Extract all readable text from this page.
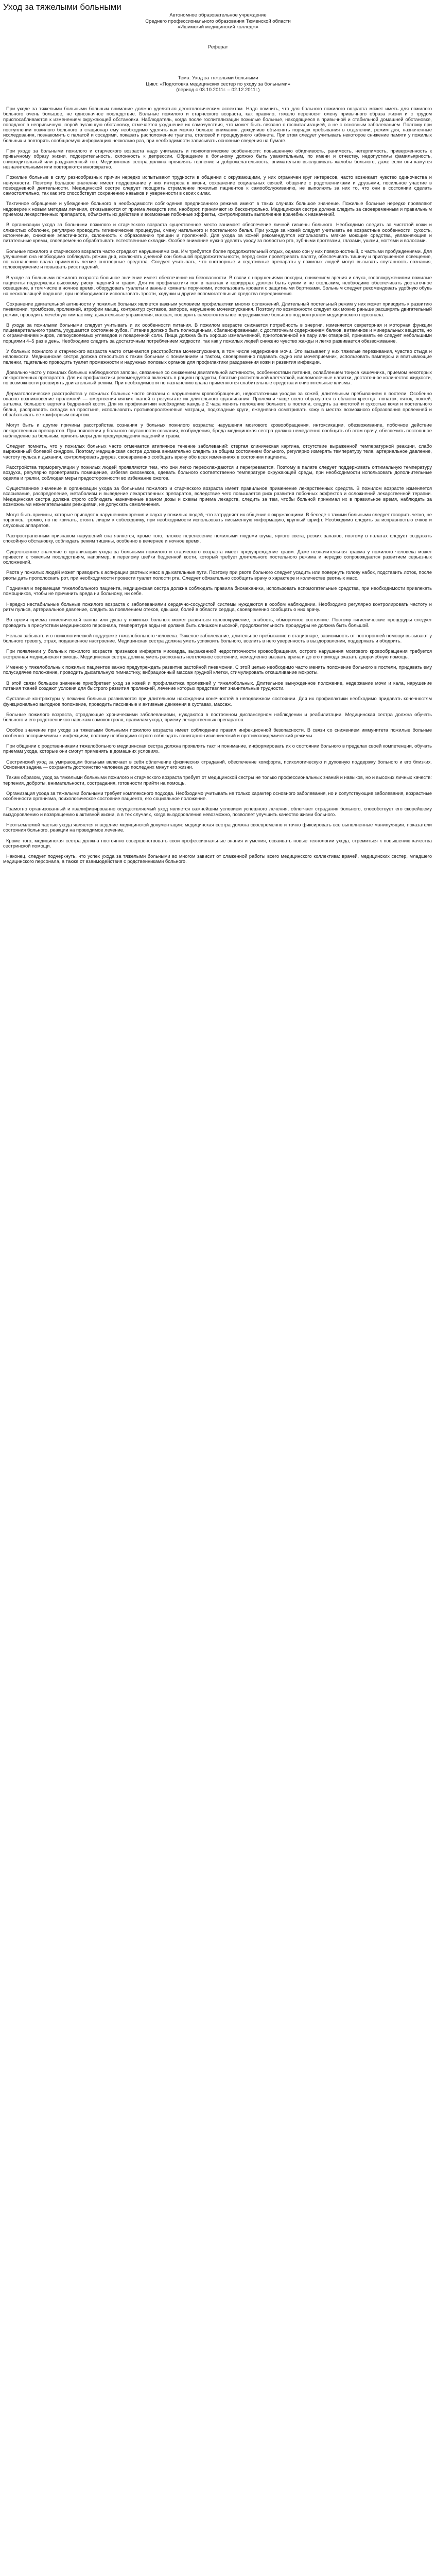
Уход за тяжелыми больными
Автономное образовательное учреждение
Среднего профессионального образования Тюменской области
«Ишимский медицинский колледж»
Реферат
Тема: Уход за тяжелыми больными
Цикл: «Подготовка медицинских сестер по уходу за больными»
(период с 03.10.2011г. – 02.12.2011г.)

При уходе за тяжелыми больными больным внимание должно уделяться деонтологическим аспектам. Надо помнить, что для больного пожилого возраста может иметь для пожилого больного очень большое, не однозначное последствие. Больные пожилого и старческого возраста, как правило, тяжело переносят смену привычного образа жизни и с трудом приспосабливаются к изменениям окружающей обстановки. Наблюдатель, когда после госпитализации пожилые больные, находящиеся в привычной и стабильной домашней обстановке, попадают в непривычную, порой пугающую обстановку, отмечается ухудшение их самочувствия, что может быть связано с госпитализацией, а не с основным заболеванием. Поэтому при поступлении пожилого больного в стационар ему необходимо уделять как можно больше внимания, доходчиво объяснять порядок пребывания в отделении, режим дня, назначенные исследования, познакомить с палатой и соседями, показать расположение туалета, столовой и процедурного кабинета. При этом следует учитывать некоторое снижение памяти у пожилых больных и повторять сообщаемую информацию несколько раз, при необходимости записывать основные сведения на бумаге.

При уходе за больными пожилого и старческого возраста надо учитывать и психологические особенности: повышенную обидчивость, ранимость, нетерпимость, приверженность к привычному образу жизни, подозрительность, склонность к депрессии. Обращение к больному должно быть уважительным, по имени и отчеству, недопустимы фамильярность, снисходительный или раздраженный тон. Медицинская сестра должна проявлять терпение и доброжелательность, внимательно выслушивать жалобы больного, даже если они кажутся незначительными или повторяются многократно.

Пожилые больные в силу разнообразных причин нередко испытывают трудности в общении с окружающими, у них ограничен круг интересов, часто возникает чувство одиночества и ненужности. Поэтому большое значение имеет поддержание у них интереса к жизни, сохранение социальных связей, общение с родственниками и друзьями, посильное участие в повседневной деятельности. Медицинской сестре следует поощрять стремление пожилых пациентов к самообслуживанию, не выполнять за них то, что они в состоянии сделать самостоятельно, так как это способствует сохранению навыков и уверенности в своих силах.

Тактичное обращение и убеждение больного в необходимости соблюдения предписанного режима имеют в таких случаях большое значение. Пожилые больные нередко проявляют недоверие к новым методам лечения, отказываются от приема лекарств или, наоборот, принимают их бесконтрольно. Медицинская сестра должна следить за своевременным и правильным приемом лекарственных препаратов, объяснять их действие и возможные побочные эффекты, контролировать выполнение врачебных назначений.

В организации ухода за больными пожилого и старческого возраста существенное место занимает обеспечение личной гигиены больного. Необходимо следить за чистотой кожи и слизистых оболочек, регулярно проводить гигиенические процедуры, смену нательного и постельного белья. При уходе за кожей следует учитывать ее возрастные особенности: сухость, истончение, снижение эластичности, склонность к образованию трещин и пролежней. Для ухода за кожей рекомендуется использовать мягкие моющие средства, увлажняющие и питательные кремы, своевременно обрабатывать естественные складки. Особое внимание нужно уделять уходу за полостью рта, зубными протезами, глазами, ушами, ногтями и волосами.

Больные пожилого и старческого возраста часто страдают нарушениями сна. Им требуется более продолжительный отдых, однако сон у них поверхностный, с частыми пробуждениями. Для улучшения сна необходимо соблюдать режим дня, исключать дневной сон большой продолжительности, перед сном проветривать палату, обеспечивать тишину и приглушенное освещение, по назначению врача применять легкие снотворные средства. Следует учитывать, что снотворные и седативные препараты у пожилых людей могут вызывать спутанность сознания, головокружение и повышать риск падений.

В уходе за больными пожилого возраста большое значение имеет обеспечение их безопасности. В связи с нарушениями походки, снижением зрения и слуха, головокружениями пожилые пациенты подвержены высокому риску падений и травм. Для их профилактики пол в палатах и коридорах должен быть сухим и не скользким, необходимо обеспечивать достаточное освещение, в том числе в ночное время, оборудовать туалеты и ванные комнаты поручнями, использовать кровати с защитными бортиками. Больным следует рекомендовать удобную обувь на нескользящей подошве, при необходимости использовать трости, ходунки и другие вспомогательные средства передвижения.

Сохранение двигательной активности у пожилых больных является важным условием профилактики многих осложнений. Длительный постельный режим у них может приводить к развитию пневмонии, тромбозов, пролежней, атрофии мышц, контрактур суставов, запоров, нарушению мочеиспускания. Поэтому по возможности следует как можно раньше расширять двигательный режим, проводить лечебную гимнастику, дыхательные упражнения, массаж, поощрять самостоятельное передвижение больного под контролем медицинского персонала.

В уходе за пожилыми больными следует учитывать и их особенности питания. В пожилом возрасте снижается потребность в энергии, изменяется секреторная и моторная функции пищеварительного тракта, ухудшается состояние зубов. Питание должно быть полноценным, сбалансированным, с достаточным содержанием белков, витаминов и минеральных веществ, но с ограничением жиров, легкоусвояемых углеводов и поваренной соли. Пища должна быть хорошо измельченной, приготовленной на пару или отварной, принимать ее следует небольшими порциями 4–5 раз в день. Необходимо следить за достаточным потреблением жидкости, так как у пожилых людей снижено чувство жажды и легко развивается обезвоживание.

У больных пожилого и старческого возраста часто отмечаются расстройства мочеиспускания, в том числе недержание мочи. Это вызывает у них тяжелые переживания, чувство стыда и неловкости. Медицинская сестра должна относиться к таким больным с пониманием и тактом, своевременно подавать судно или мочеприемник, использовать памперсы и впитывающие пеленки, тщательно проводить туалет промежности и наружных половых органов для профилактики раздражения кожи и развития инфекции.

Довольно часто у пожилых больных наблюдаются запоры, связанные со снижением двигательной активности, особенностями питания, ослаблением тонуса кишечника, приемом некоторых лекарственных препаратов. Для их профилактики рекомендуется включать в рацион продукты, богатые растительной клетчаткой, кисломолочные напитки, достаточное количество жидкости, по возможности расширять двигательный режим. При необходимости по назначению врача применяются слабительные средства и очистительные клизмы.

Дерматологические расстройства у пожилых больных часто связаны с нарушением кровообращения, недостаточным уходом за кожей, длительным пребыванием в постели. Особенно опасно возникновение пролежней — омертвения мягких тканей в результате их длительного сдавливания. Пролежни чаще всего образуются в области крестца, лопаток, пяток, локтей, затылка, большого вертела бедренной кости. Для их профилактики необходимо каждые 2 часа менять положение больного в постели, следить за чистотой и сухостью кожи и постельного белья, расправлять складки на простыне, использовать противопролежневые матрацы, подкладные круги, ежедневно осматривать кожу в местах возможного образования пролежней и обрабатывать ее камфорным спиртом.

Могут быть и другие причины расстройства сознания у больных пожилого возраста: нарушения мозгового кровообращения, интоксикации, обезвоживание, побочное действие лекарственных препаратов. При появлении у больного спутанности сознания, возбуждения, бреда медицинская сестра должна немедленно сообщить об этом врачу, обеспечить постоянное наблюдение за больным, принять меры для предупреждения падений и травм.

Следует помнить, что у пожилых больных часто отмечается атипичное течение заболеваний: стертая клиническая картина, отсутствие выраженной температурной реакции, слабо выраженный болевой синдром. Поэтому медицинская сестра должна внимательно следить за общим состоянием больного, регулярно измерять температуру тела, артериальное давление, частоту пульса и дыхания, контролировать диурез, своевременно сообщать врачу обо всех изменениях в состоянии пациента.

Расстройства терморегуляции у пожилых людей проявляются тем, что они легко переохлаждаются и перегреваются. Поэтому в палате следует поддерживать оптимальную температуру воздуха, регулярно проветривать помещение, избегая сквозняков, одевать больного соответственно температуре окружающей среды, при необходимости использовать дополнительные одеяла и грелки, соблюдая меры предосторожности во избежание ожогов.

Существенное значение в организации ухода за больными пожилого и старческого возраста имеет правильное применение лекарственных средств. В пожилом возрасте изменяется всасывание, распределение, метаболизм и выведение лекарственных препаратов, вследствие чего повышается риск развития побочных эффектов и осложнений лекарственной терапии. Медицинская сестра должна строго соблюдать назначенные врачом дозы и схемы приема лекарств, следить за тем, чтобы больной принимал их в правильное время, наблюдать за возможными нежелательными реакциями, не допускать самолечения.

Могут быть причины, которые приводят к нарушениям зрения и слуха у пожилых людей, что затрудняет их общение с окружающими. В беседе с такими больными следует говорить четко, не торопясь, громко, но не кричать, стоять лицом к собеседнику, при необходимости использовать письменную информацию, крупный шрифт. Необходимо следить за исправностью очков и слуховых аппаратов.

Распространенным признаком нарушений сна является, кроме того, плохое перенесение пожилыми людьми шума, яркого света, резких запахов, поэтому в палатах следует создавать спокойную обстановку, соблюдать режим тишины, особенно в вечернее и ночное время.

Существенное значение в организации ухода за больными пожилого и старческого возраста имеет предупреждение травм. Даже незначительная травма у пожилого человека может привести к тяжелым последствиям, например, к перелому шейки бедренной кости, который требует длительного постельного режима и нередко сопровождается развитием серьезных осложнений.

Рвота у пожилых людей может приводить к аспирации рвотных масс в дыхательные пути. Поэтому при рвоте больного следует усадить или повернуть голову набок, подставить лоток, после рвоты дать прополоскать рот, при необходимости провести туалет полости рта. Следует обязательно сообщить врачу о характере и количестве рвотных масс.

Поднимая и перемещая тяжелобольного пациента, медицинская сестра должна соблюдать правила биомеханики, использовать вспомогательные средства, при необходимости привлекать помощников, чтобы не причинить вреда ни больному, ни себе.

Нередко нестабильные больные пожилого возраста с заболеваниями сердечно-сосудистой системы нуждаются в особом наблюдении. Необходимо регулярно контролировать частоту и ритм пульса, артериальное давление, следить за появлением отеков, одышки, болей в области сердца, своевременно сообщать о них врачу.

Во время приема гигиенической ванны или душа у пожилых больных может развиться головокружение, слабость, обморочное состояние. Поэтому гигиенические процедуры следует проводить в присутствии медицинского персонала, температура воды не должна быть слишком высокой, продолжительность процедуры не должна быть большой.

Нельзя забывать и о психологической поддержке тяжелобольного человека. Тяжелое заболевание, длительное пребывание в стационаре, зависимость от посторонней помощи вызывают у больного тревогу, страх, подавленное настроение. Медицинская сестра должна уметь успокоить больного, вселить в него уверенность в выздоровлении, поддержать и ободрить.

При появлении у больных пожилого возраста признаков инфаркта миокарда, выраженной недостаточности кровообращения, острого нарушения мозгового кровообращения требуется экстренная медицинская помощь. Медицинская сестра должна уметь распознать неотложное состояние, немедленно вызвать врача и до его прихода оказать доврачебную помощь.

Именно у тяжелобольных пожилых пациентов важно предупреждать развитие застойной пневмонии. С этой целью необходимо часто менять положение больного в постели, придавать ему полусидячее положение, проводить дыхательную гимнастику, вибрационный массаж грудной клетки, стимулировать откашливание мокроты.

В этой связи большое значение приобретает уход за кожей и профилактика пролежней у тяжелобольных. Длительное вынужденное положение, недержание мочи и кала, нарушение питания тканей создают условия для быстрого развития пролежней, лечение которых представляет значительные трудности.

Суставные контрактуры у лежачих больных развиваются при длительном нахождении конечностей в неподвижном состоянии. Для их профилактики необходимо придавать конечностям функционально выгодное положение, проводить пассивные и активные движения в суставах, массаж.

Больные пожилого возраста, страдающие хроническими заболеваниями, нуждаются в постоянном диспансерном наблюдении и реабилитации. Медицинская сестра должна обучать больного и его родственников навыкам самоконтроля, правилам ухода, приему лекарственных препаратов.

Особое значение при уходе за тяжелыми больными пожилого возраста имеет соблюдение правил инфекционной безопасности. В связи со снижением иммунитета пожилые больные особенно восприимчивы к инфекциям, поэтому необходимо строго соблюдать санитарно-гигиенический и противоэпидемический режимы.

При общении с родственниками тяжелобольного медицинская сестра должна проявлять такт и понимание, информировать их о состоянии больного в пределах своей компетенции, обучать приемам ухода, которые они смогут применять в домашних условиях.

Сестринский уход за умирающим больным включает в себя облегчение физических страданий, обеспечение комфорта, психологическую и духовную поддержку больного и его близких. Основная задача — сохранить достоинство человека до последних минут его жизни.

Таким образом, уход за тяжелыми больными пожилого и старческого возраста требует от медицинской сестры не только профессиональных знаний и навыков, но и высоких личных качеств: терпения, доброты, внимательности, сострадания, готовности прийти на помощь.

Организация ухода за тяжелыми больными требует комплексного подхода. Необходимо учитывать не только характер основного заболевания, но и сопутствующие заболевания, возрастные особенности организма, психологическое состояние пациента, его социальное положение.

Грамотно организованный и квалифицированно осуществляемый уход является важнейшим условием успешного лечения, облегчает страдания больного, способствует его скорейшему выздоровлению и возвращению к активной жизни, а в тех случаях, когда выздоровление невозможно, позволяет улучшить качество жизни больного.

Неотъемлемой частью ухода является и ведение медицинской документации: медицинская сестра должна своевременно и точно фиксировать все выполненные манипуляции, показатели состояния больного, реакции на проводимое лечение.

Кроме того, медицинская сестра должна постоянно совершенствовать свои профессиональные знания и умения, осваивать новые технологии ухода, стремиться к повышению качества сестринской помощи.

Наконец, следует подчеркнуть, что успех ухода за тяжелыми больными во многом зависит от слаженной работы всего медицинского коллектива: врачей, медицинских сестер, младшего медицинского персонала, а также от взаимодействия с родственниками больного.
